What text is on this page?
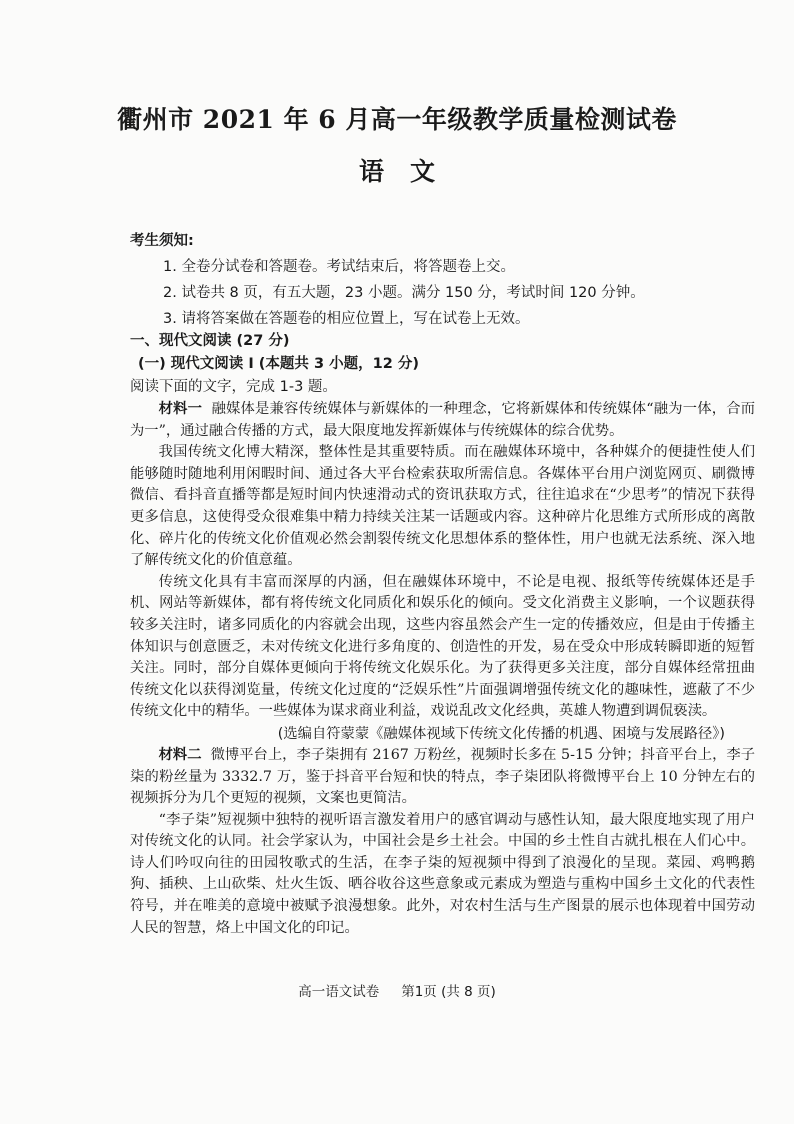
衢州市 2021 年 6 月高一年级教学质量检测试卷
语文
考生须知:
1. 全卷分试卷和答题卷。考试结束后，将答题卷上交。
2. 试卷共 8 页，有五大题，23 小题。满分 150 分，考试时间 120 分钟。
3. 请将答案做在答题卷的相应位置上，写在试卷上无效。
一、现代文阅读 (27 分)
(一) 现代文阅读 I (本题共 3 小题，12 分)
阅读下面的文字，完成 1-3 题。

材料一 融媒体是兼容传统媒体与新媒体的一种理念，它将新媒体和传统媒体“融为一体，合而为一”，通过融合传播的方式，最大限度地发挥新媒体与传统媒体的综合优势。

我国传统文化博大精深，整体性是其重要特质。而在融媒体环境中，各种媒介的便捷性使人们能够随时随地利用闲暇时间、通过各大平台检索获取所需信息。各媒体平台用户浏览网页、刷微博微信、看抖音直播等都是短时间内快速滑动式的资讯获取方式，往往追求在“少思考”的情况下获得更多信息，这使得受众很难集中精力持续关注某一话题或内容。这种碎片化思维方式所形成的离散化、碎片化的传统文化价值观必然会割裂传统文化思想体系的整体性，用户也就无法系统、深入地了解传统文化的价值意蕴。

传统文化具有丰富而深厚的内涵，但在融媒体环境中，不论是电视、报纸等传统媒体还是手机、网站等新媒体，都有将传统文化同质化和娱乐化的倾向。受文化消费主义影响，一个议题获得较多关注时，诸多同质化的内容就会出现，这些内容虽然会产生一定的传播效应，但是由于传播主体知识与创意匮乏，未对传统文化进行多角度的、创造性的开发，易在受众中形成转瞬即逝的短暂关注。同时，部分自媒体更倾向于将传统文化娱乐化。为了获得更多关注度，部分自媒体经常扭曲传统文化以获得浏览量，传统文化过度的“泛娱乐性”片面强调增强传统文化的趣味性，遮蔽了不少传统文化中的精华。一些媒体为谋求商业利益，戏说乱改文化经典，英雄人物遭到调侃亵渎。

(选编自符蒙蒙《融媒体视域下传统文化传播的机遇、困境与发展路径》)

材料二 微博平台上，李子柒拥有 2167 万粉丝，视频时长多在 5-15 分钟；抖音平台上，李子柒的粉丝量为 3332.7 万，鉴于抖音平台短和快的特点，李子柒团队将微博平台上 10 分钟左右的视频拆分为几个更短的视频，文案也更简洁。

“李子柒”短视频中独特的视听语言激发着用户的感官调动与感性认知，最大限度地实现了用户对传统文化的认同。社会学家认为，中国社会是乡土社会。中国的乡土性自古就扎根在人们心中。诗人们吟叹向往的田园牧歌式的生活，在李子柒的短视频中得到了浪漫化的呈现。菜园、鸡鸭鹅狗、插秧、上山砍柴、灶火生饭、晒谷收谷这些意象或元素成为塑造与重构中国乡土文化的代表性符号，并在唯美的意境中被赋予浪漫想象。此外，对农村生活与生产图景的展示也体现着中国劳动人民的智慧，烙上中国文化的印记。

高一语文试卷 第1页 (共 8 页)
